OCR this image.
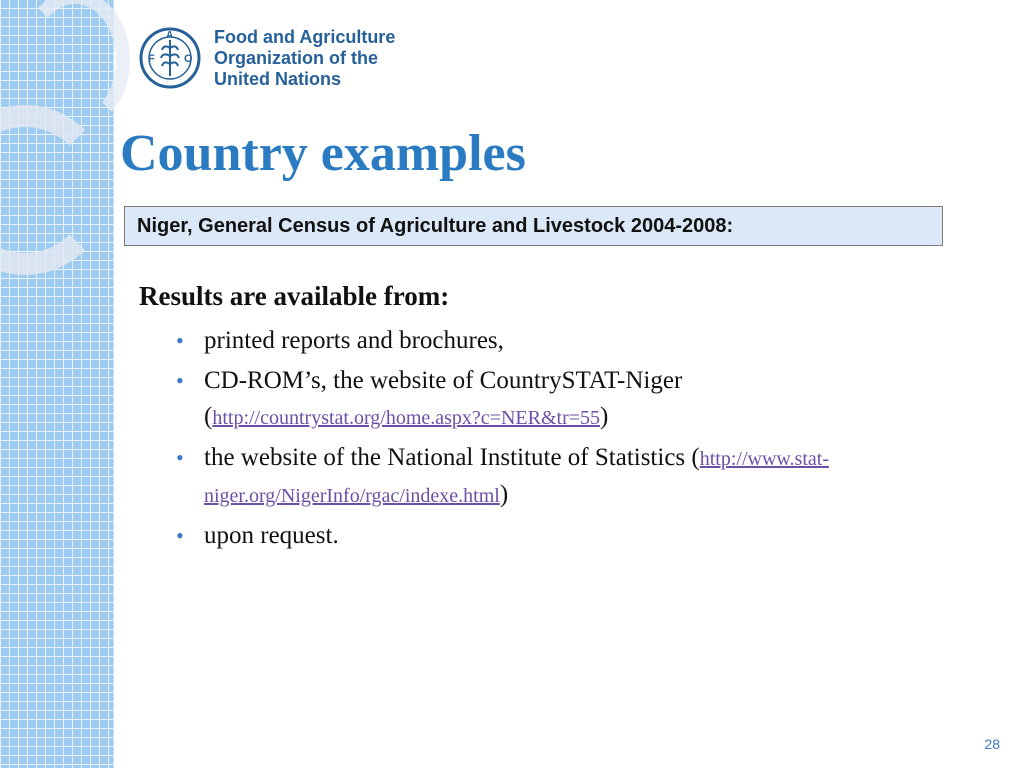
F
A
O
Food and Agriculture
Organization of the
United Nations
Country examples
Niger, General Census of Agriculture and Livestock 2004-2008:
Results are available from:
• printed reports and brochures,
• CD-ROM’s, the website of CountrySTAT-Niger
(http://countrystat.org/home.aspx?c=NER&tr=55)
• the website of the National Institute of Statistics (http://www.stat-niger.org/NigerInfo/rgac/indexe.html)
• upon request.
28
